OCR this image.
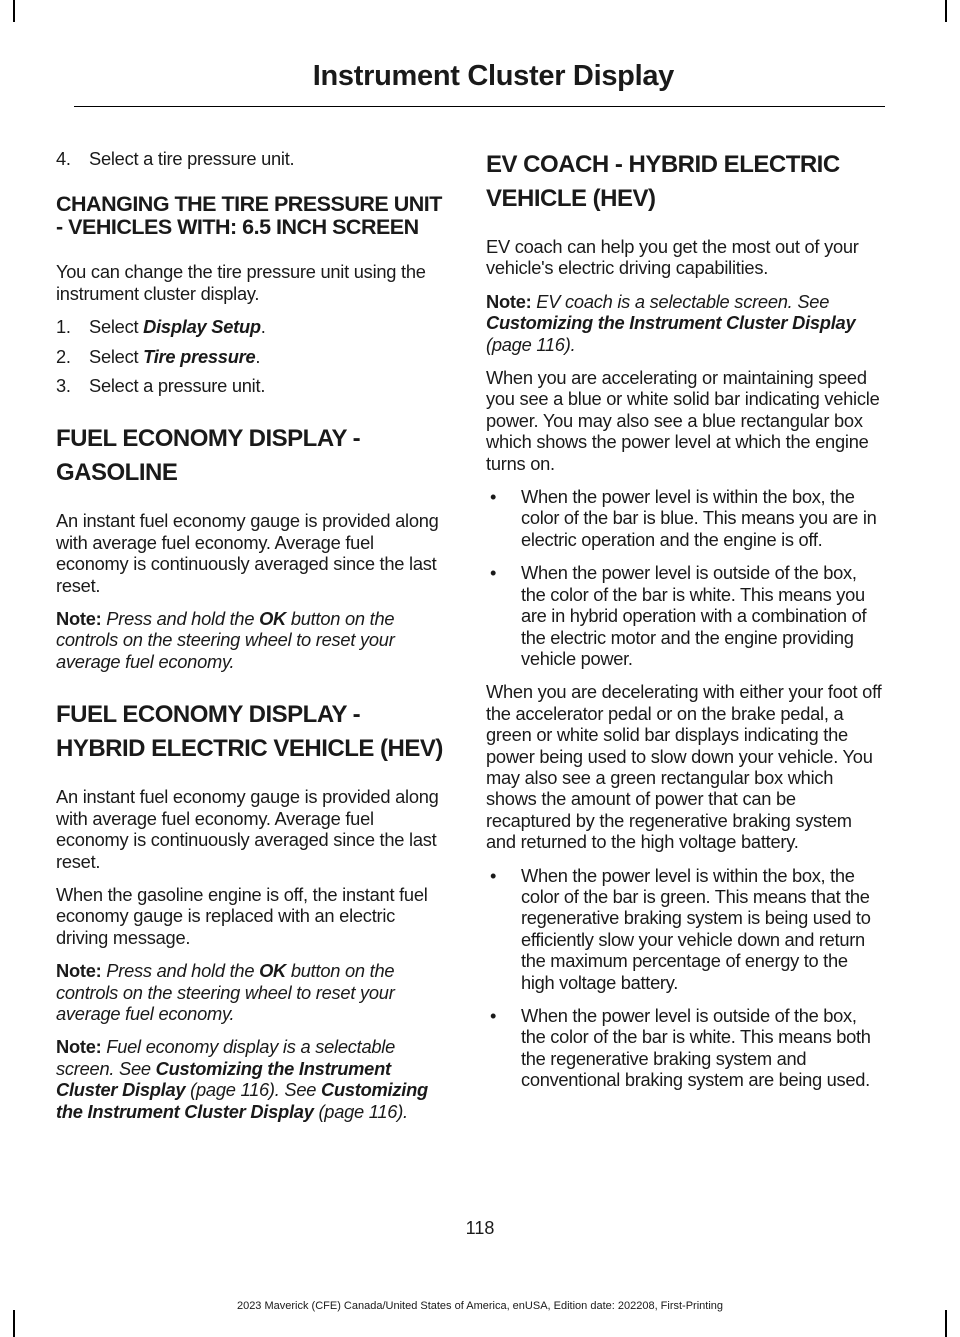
Instrument Cluster Display
4. Select a tire pressure unit.
CHANGING THE TIRE PRESSURE UNIT - VEHICLES WITH: 6.5 INCH SCREEN

You can change the tire pressure unit using the instrument cluster display.

1. Select Display Setup.
2. Select Tire pressure.
3. Select a pressure unit.
FUEL ECONOMY DISPLAY - GASOLINE

An instant fuel economy gauge is provided along with average fuel economy. Average fuel economy is continuously averaged since the last reset.

Note: Press and hold the OK button on the controls on the steering wheel to reset your average fuel economy.

FUEL ECONOMY DISPLAY - HYBRID ELECTRIC VEHICLE (HEV)

An instant fuel economy gauge is provided along with average fuel economy. Average fuel economy is continuously averaged since the last reset.

When the gasoline engine is off, the instant fuel economy gauge is replaced with an electric driving message.

Note: Press and hold the OK button on the controls on the steering wheel to reset your average fuel economy.

Note: Fuel economy display is a selectable screen. See Customizing the Instrument Cluster Display (page 116). See Customizing the Instrument Cluster Display (page 116).

EV COACH - HYBRID ELECTRIC VEHICLE (HEV)

EV coach can help you get the most out of your vehicle's electric driving capabilities.

Note: EV coach is a selectable screen. See Customizing the Instrument Cluster Display (page 116).

When you are accelerating or maintaining speed you see a blue or white solid bar indicating vehicle power. You may also see a blue rectangular box which shows the power level at which the engine turns on.

• When the power level is within the box, the color of the bar is blue. This means you are in electric operation and the engine is off.
• When the power level is outside of the box, the color of the bar is white. This means you are in hybrid operation with a combination of the electric motor and the engine providing vehicle power.

When you are decelerating with either your foot off the accelerator pedal or on the brake pedal, a green or white solid bar displays indicating the power being used to slow down your vehicle. You may also see a green rectangular box which shows the amount of power that can be recaptured by the regenerative braking system and returned to the high voltage battery.

• When the power level is within the box, the color of the bar is green. This means that the regenerative braking system is being used to efficiently slow your vehicle down and return the maximum percentage of energy to the high voltage battery.
• When the power level is outside of the box, the color of the bar is white. This means both the regenerative braking system and conventional braking system are being used.
118
2023 Maverick (CFE) Canada/United States of America, enUSA, Edition date: 202208, First-Printing
